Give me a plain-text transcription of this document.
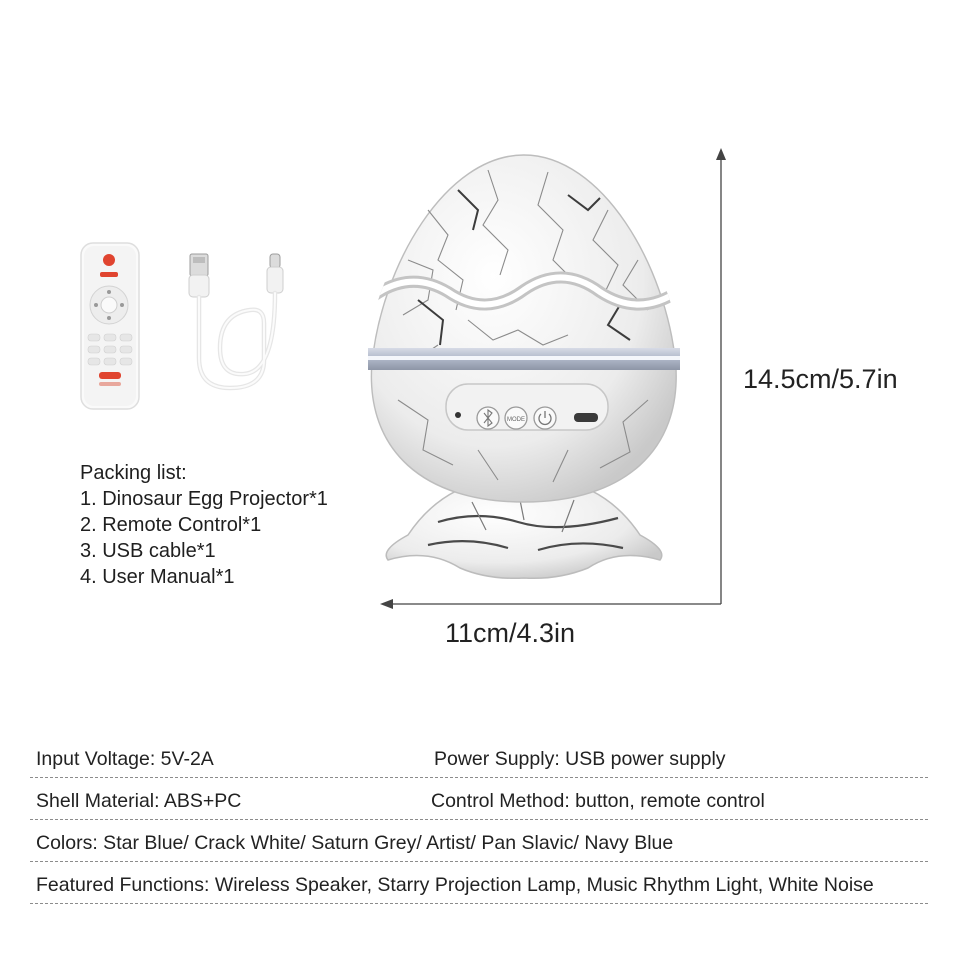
Packing list:
1. Dinosaur Egg Projector*1
2. Remote Control*1
3. USB cable*1
4. User Manual*1
MODE
14.5cm/5.7in
11cm/4.3in
Input Voltage: 5V-2A	Power Supply: USB power supply
Shell Material: ABS+PC	Control Method: button, remote control
Colors: Star Blue/ Crack White/ Saturn Grey/ Artist/ Pan Slavic/ Navy Blue
Featured Functions: Wireless Speaker, Starry Projection Lamp, Music Rhythm Light, White Noise
